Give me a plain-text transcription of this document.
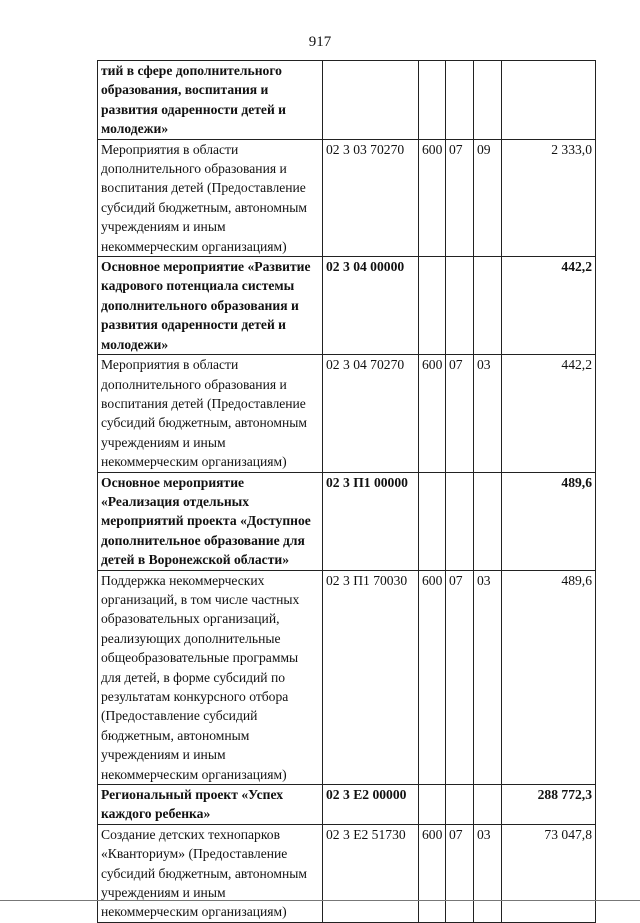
917
тий в сфере дополнительного образования, воспитания и развития одаренности детей и молодежи»					
Мероприятия в области дополнительного образования и воспитания детей (Предоставление субсидий бюджетным, автономным учреждениям и иным некоммерческим организациям)	02 3 03 70270	600	07	09	2 333,0
Основное мероприятие «Развитие кадрового потенциала системы дополнительного образования и развития одаренности детей и молодежи»	02 3 04 00000				442,2
Мероприятия в области дополнительного образования и воспитания детей (Предоставление субсидий бюджетным, автономным учреждениям и иным некоммерческим организациям)	02 3 04 70270	600	07	03	442,2
Основное мероприятие «Реализация отдельных мероприятий проекта «Доступное дополнительное образование для детей в Воронежской области»	02 3 П1 00000				489,6
Поддержка некоммерческих организаций, в том числе частных образовательных организаций, реализующих дополнительные общеобразовательные программы для детей, в форме субсидий по результатам конкурсного отбора (Предоставление субсидий бюджетным, автономным учреждениям и иным некоммерческим организациям)	02 3 П1 70030	600	07	03	489,6
Региональный проект «Успех каждого ребенка»	02 3 Е2 00000				288 772,3
Создание детских технопарков «Кванториум» (Предоставление субсидий бюджетным, автономным учреждениям и иным некоммерческим организациям)	02 3 Е2 51730	600	07	03	73 047,8
